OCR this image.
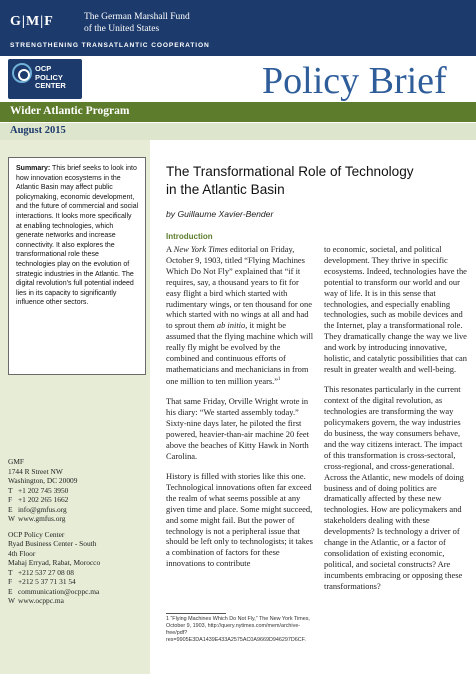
G|M|F	The German Marshall Fund
of the United States
STRENGTHENING TRANSATLANTIC COOPERATION
OCP
POLICY
CENTER	Policy Brief
Wider Atlantic Program
August 2015
Summary: This brief seeks to look into how innovation ecosystems in the Atlantic Basin may affect public policymaking, economic development, and the future of commercial and social interactions. It looks more specifically at enabling technologies, which generate networks and increase connectivity. It also explores the transformational role these technologies play on the evolution of strategic industries in the Atlantic. The digital revolution’s full potential indeed lies in its capacity to significantly influence other sectors.
GMF
1744 R Street NW
Washington, DC 20009
T +1 202 745 3950
F +1 202 265 1662
E info@gmfus.org
W www.gmfus.org
OCP Policy Center
Ryad Business Center - South
4th Floor
Mahaj Erryad, Rabat, Morocco
T +212 537 27 08 08
F +212 5 37 71 31 54
E communication@ocppc.ma
W www.ocppc.ma
The Transformational Role of Technology
in the Atlantic Basin
by Guillaume Xavier-Bender
Introduction

A New York Times editorial on Friday, October 9, 1903, titled “Flying Machines Which Do Not Fly” explained that “if it requires, say, a thousand years to fit for easy flight a bird which started with rudimentary wings, or ten thousand for one which started with no wings at all and had to sprout them ab initio, it might be assumed that the flying machine which will really fly might be evolved by the combined and continuous efforts of mathematicians and mechanicians in from one million to ten million years.”$^1$

That same Friday, Orville Wright wrote in his diary: “We started assembly today.” Sixty-nine days later, he piloted the first powered, heavier-than-air machine 20 feet above the beaches of Kitty Hawk in North Carolina.

History is filled with stories like this one. Technological innovations often far exceed the realm of what seems possible at any given time and place. Some might succeed, and some might fail. But the power of technology is not a peripheral issue that should be left only to technologists; it takes a combination of factors for these innovations to contribute

to economic, societal, and political development. They thrive in specific ecosystems. Indeed, technologies have the potential to transform our world and our way of life. It is in this sense that technologies, and especially enabling technologies, such as mobile devices and the Internet, play a transformational role. They dramatically change the way we live and work by introducing innovative, holistic, and catalytic possibilities that can result in greater wealth and well-being.

This resonates particularly in the current context of the digital revolution, as technologies are transforming the way policymakers govern, the way industries do business, the way consumers behave, and the way citizens interact. The impact of this transformation is cross-sectoral, cross-regional, and cross-generational. Across the Atlantic, new models of doing business and of doing politics are dramatically affected by these new technologies. How are policymakers and stakeholders dealing with these developments? Is technology a driver of change in the Atlantic, or a factor of consolidation of existing economic, political, and societal constructs? Are incumbents embracing or opposing these transformations?

1 “Flying Machines Which Do Not Fly,” The New York Times, October 9, 1903, http://query.nytimes.com/mem/archive-free/pdf?res=9905E3DA1439E433A2575AC0A9669D946297D6CF.
